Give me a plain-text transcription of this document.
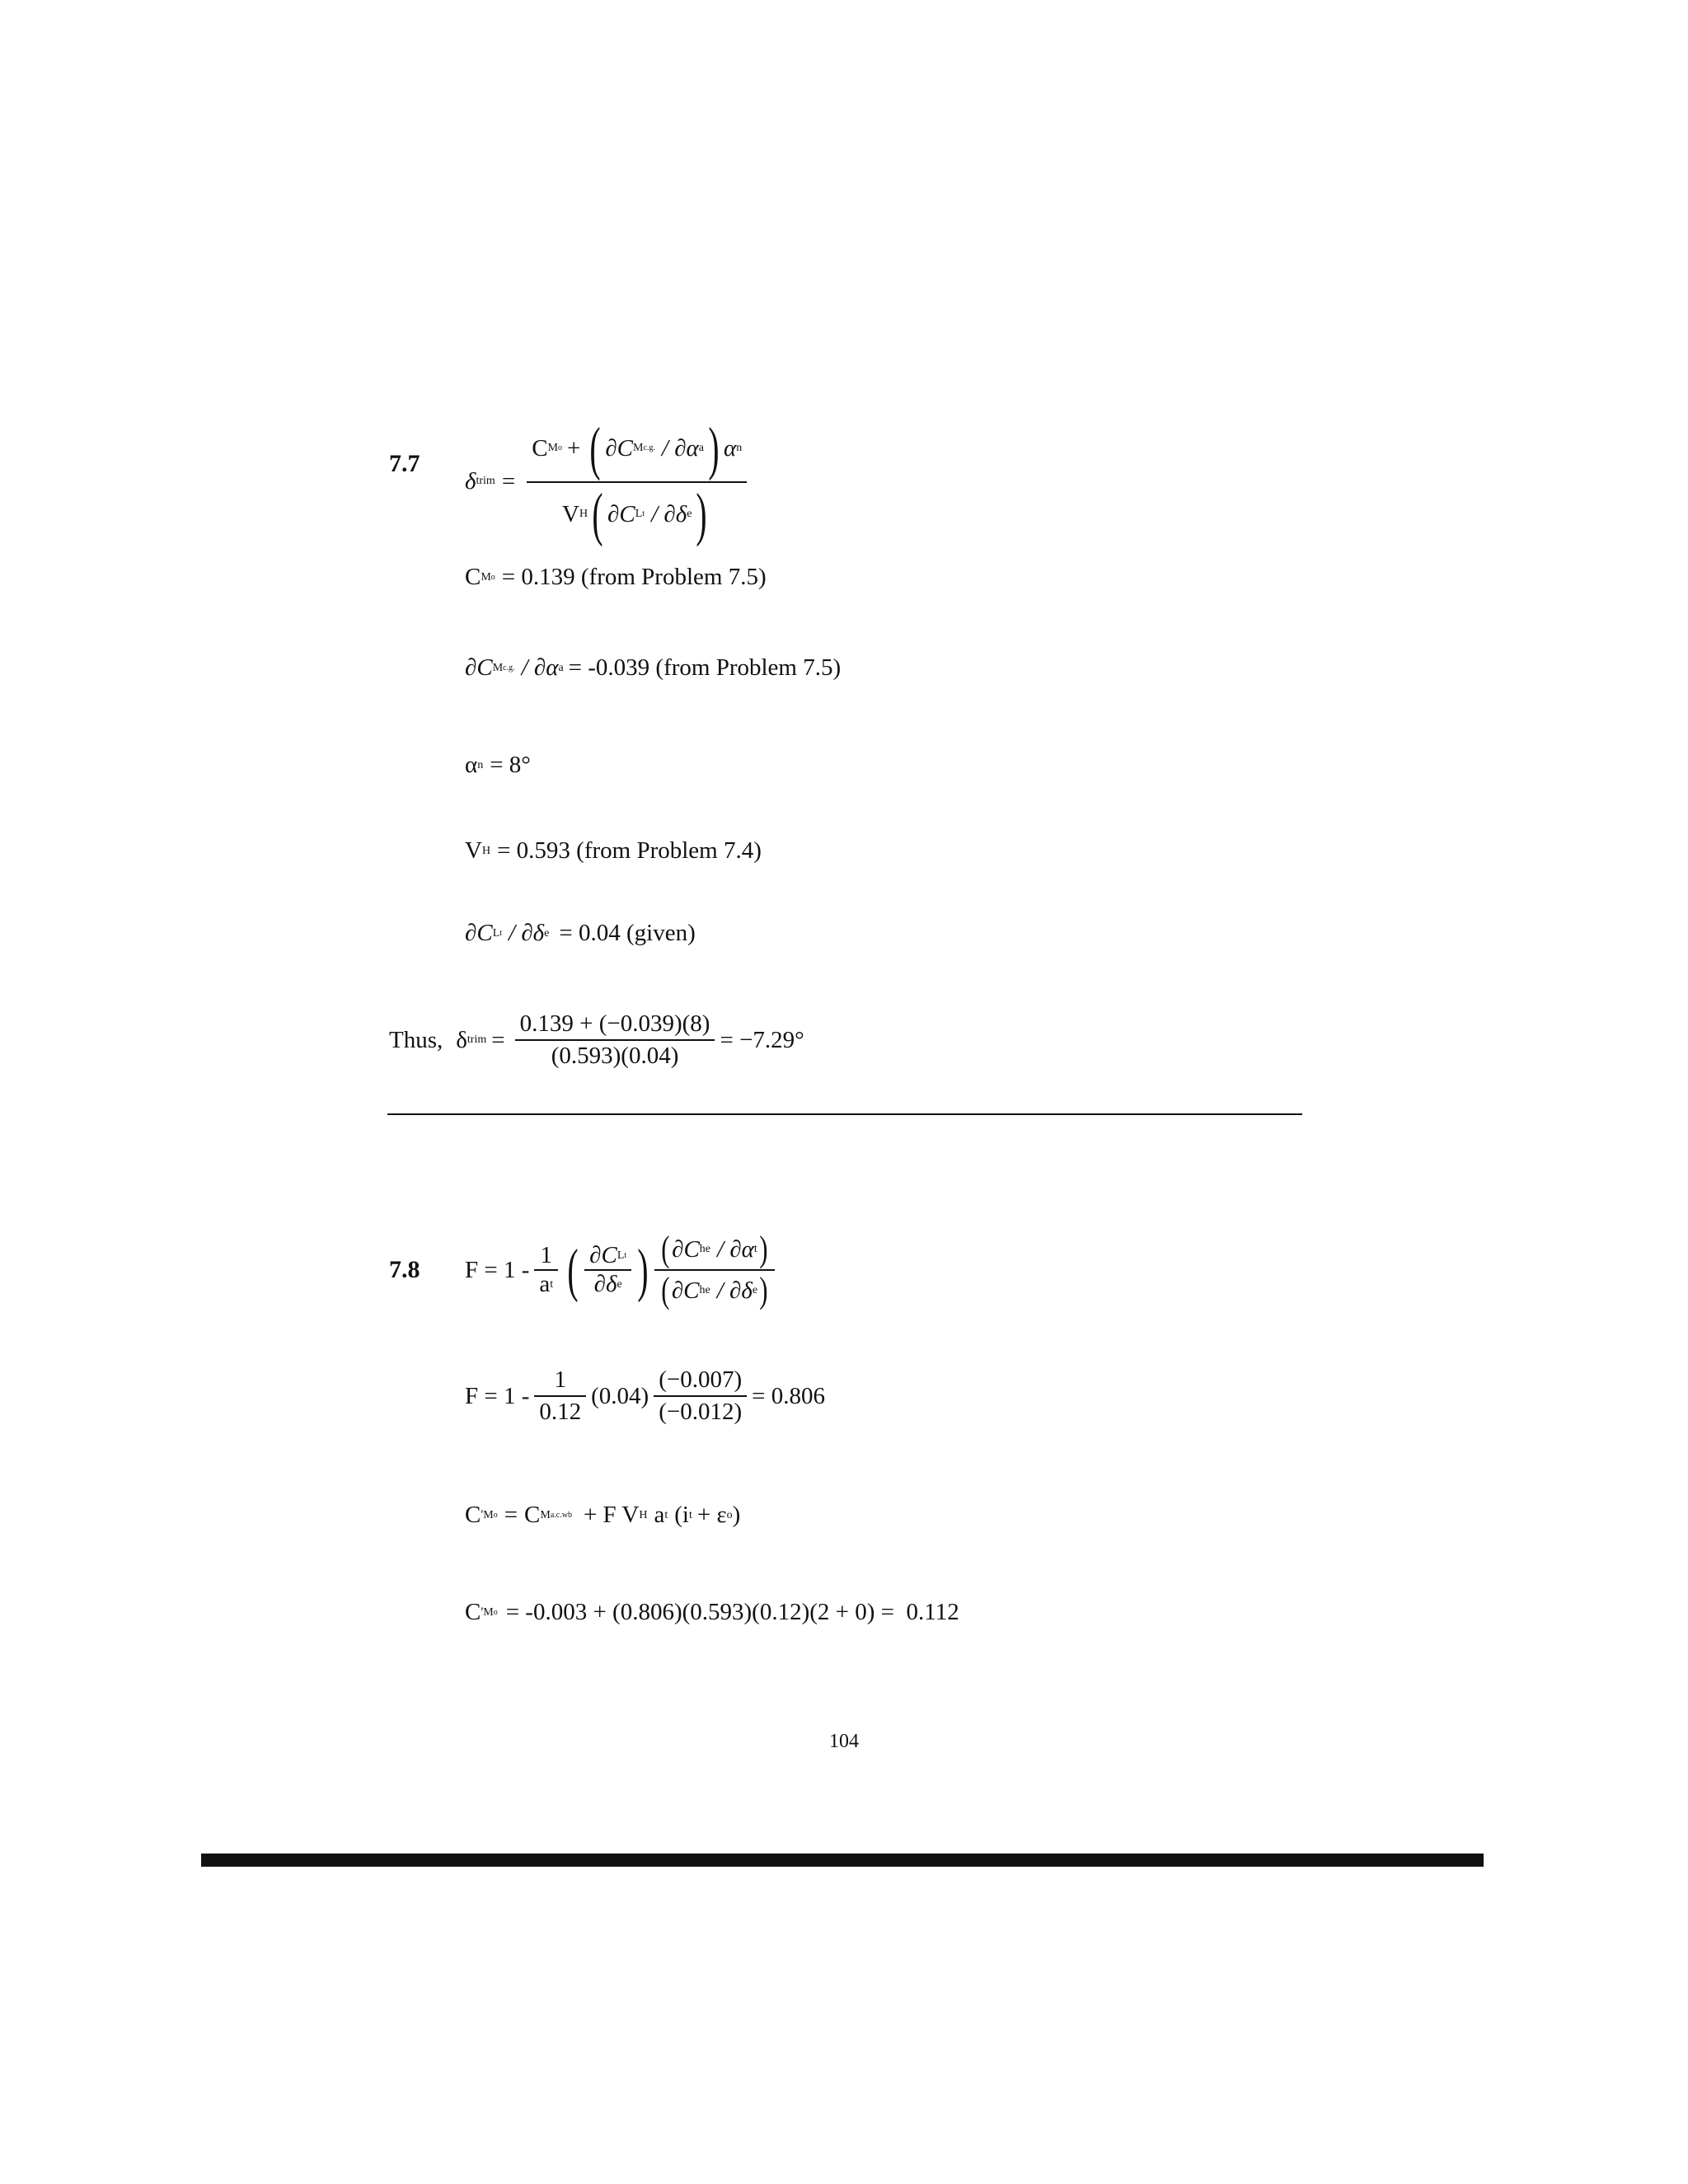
7.7
δ trim =
C M o + ( ∂C M c.g. / ∂α a ) α n
V H ( ∂C L t / ∂δ e )
C M o = 0.139 (from Problem 7.5)
∂C M c.g. / ∂α a = -0.039 (from Problem 7.5)
α n = 8°
V H = 0.593 (from Problem 7.4)
∂C L t / ∂δ e = 0.04 (given)
Thus, δ trim = $\frac{0.139 + (-0.039)(8)}{(0.593)(0.04)} = -7.29^\circ$
7.8 $F = 1 - \frac{1}{\text{a t}}$ ( $\frac{\text{∂C L t}}{\text{∂δ e}}$ ) $\frac{\text{( ∂C he / ∂α t )}}{\text{( ∂C he / ∂δ e )}}$
$F = 1 - \frac{1}{0.12} (0.04) \frac{(-0.007)}{(-0.012)} = 0.806$
C ' M o = C M a.c.wb + F V H a t (i t + ε o )
C ' M o = -0.003 + (0.806)(0.593)(0.12)(2 + 0) =  0.112
104
